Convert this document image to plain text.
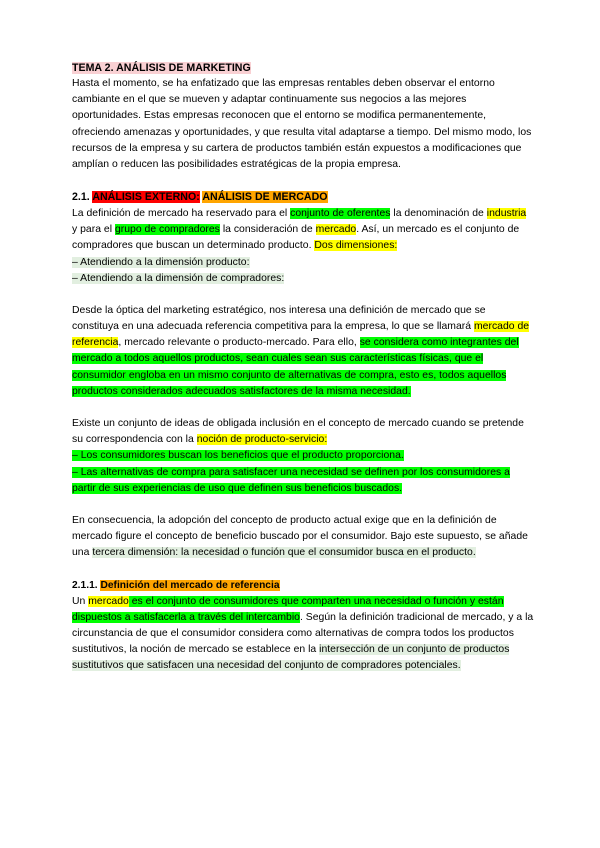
TEMA 2. ANÁLISIS DE MARKETING

Hasta el momento, se ha enfatizado que las empresas rentables deben observar el entorno cambiante en el que se mueven y adaptar continuamente sus negocios a las mejores oportunidades. Estas empresas reconocen que el entorno se modifica permanentemente, ofreciendo amenazas y oportunidades, y que resulta vital adaptarse a tiempo. Del mismo modo, los recursos de la empresa y su cartera de productos también están expuestos a modificaciones que amplían o reducen las posibilidades estratégicas de la propia empresa.

2.1. ANÁLISIS EXTERNO: ANÁLISIS DE MERCADO

La definición de mercado ha reservado para el conjunto de oferentes la denominación de industria y para el grupo de compradores la consideración de mercado. Así, un mercado es el conjunto de compradores que buscan un determinado producto. Dos dimensiones:

– Atendiendo a la dimensión producto:

– Atendiendo a la dimensión de compradores:

Desde la óptica del marketing estratégico, nos interesa una definición de mercado que se constituya en una adecuada referencia competitiva para la empresa, lo que se llamará mercado de referencia, mercado relevante o producto-mercado. Para ello, se considera como integrantes del mercado a todos aquellos productos, sean cuales sean sus características físicas, que el consumidor engloba en un mismo conjunto de alternativas de compra, esto es, todos aquellos productos considerados adecuados satisfactores de la misma necesidad.

Existe un conjunto de ideas de obligada inclusión en el concepto de mercado cuando se pretende su correspondencia con la noción de producto-servicio:

– Los consumidores buscan los beneficios que el producto proporciona.

– Las alternativas de compra para satisfacer una necesidad se definen por los consumidores a partir de sus experiencias de uso que definen sus beneficios buscados.

En consecuencia, la adopción del concepto de producto actual exige que en la definición de mercado figure el concepto de beneficio buscado por el consumidor. Bajo este supuesto, se añade una tercera dimensión: la necesidad o función que el consumidor busca en el producto.

2.1.1. Definición del mercado de referencia

Un mercado es el conjunto de consumidores que comparten una necesidad o función y están dispuestos a satisfacerla a través del intercambio. Según la definición tradicional de mercado, y a la circunstancia de que el consumidor considera como alternativas de compra todos los productos sustitutivos, la noción de mercado se establece en la intersección de un conjunto de productos sustitutivos que satisfacen una necesidad del conjunto de compradores potenciales.
